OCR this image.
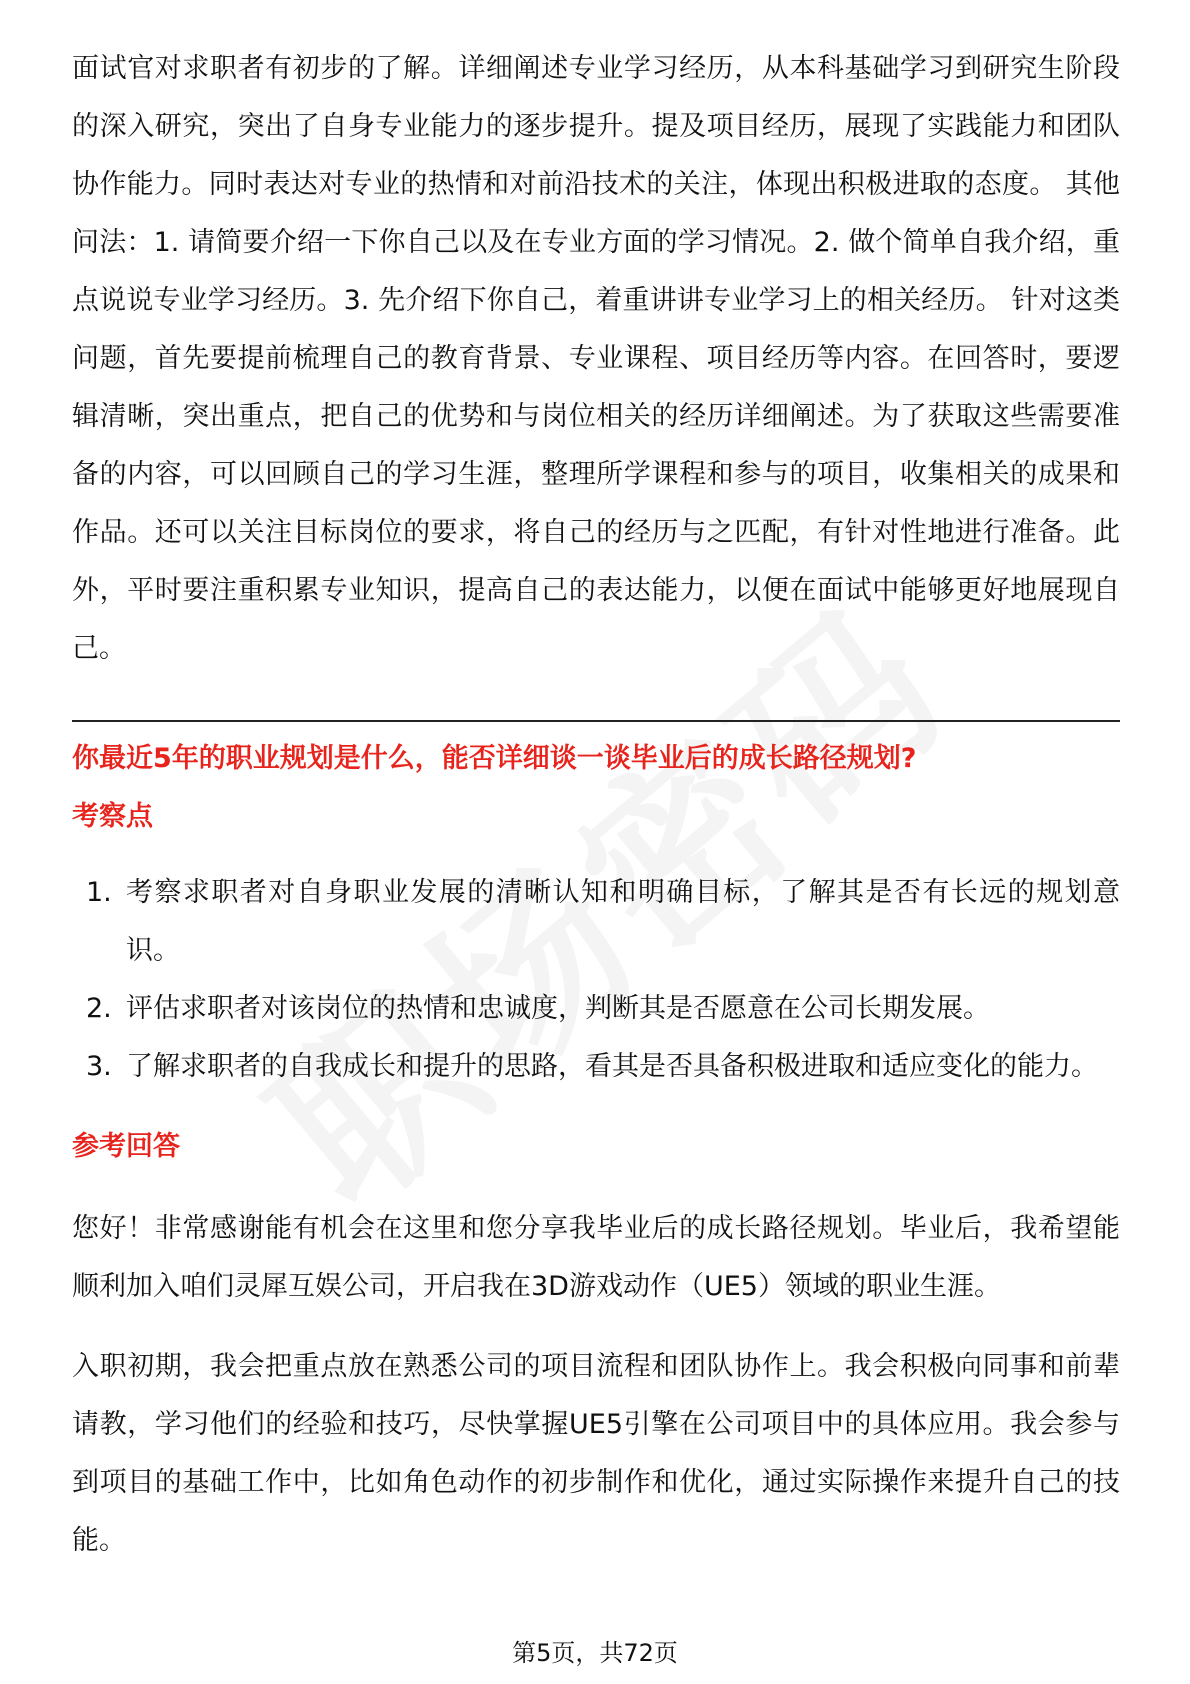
面试官对求职者有初步的了解。详细阐述专业学习经历，从本科基础学习到研究生阶段的深入研究，突出了自身专业能力的逐步提升。提及项目经历，展现了实践能力和团队协作能力。同时表达对专业的热情和对前沿技术的关注，体现出积极进取的态度。 其他问法：1. 请简要介绍一下你自己以及在专业方面的学习情况。2. 做个简单自我介绍，重点说说专业学习经历。3. 先介绍下你自己，着重讲讲专业学习上的相关经历。 针对这类问题，首先要提前梳理自己的教育背景、专业课程、项目经历等内容。在回答时，要逻辑清晰，突出重点，把自己的优势和与岗位相关的经历详细阐述。为了获取这些需要准备的内容，可以回顾自己的学习生涯，整理所学课程和参与的项目，收集相关的成果和作品。还可以关注目标岗位的要求，将自己的经历与之匹配，有针对性地进行准备。此外，平时要注重积累专业知识，提高自己的表达能力，以便在面试中能够更好地展现自己。

你最近5年的职业规划是什么，能否详细谈一谈毕业后的成长路径规划?
考察点
1. 考察求职者对自身职业发展的清晰认知和明确目标，了解其是否有长远的规划意识。
2. 评估求职者对该岗位的热情和忠诚度，判断其是否愿意在公司长期发展。
3. 了解求职者的自我成长和提升的思路，看其是否具备积极进取和适应变化的能力。
参考回答

您好！非常感谢能有机会在这里和您分享我毕业后的成长路径规划。毕业后，我希望能顺利加入咱们灵犀互娱公司，开启我在3D游戏动作（UE5）领域的职业生涯。

入职初期，我会把重点放在熟悉公司的项目流程和团队协作上。我会积极向同事和前辈请教，学习他们的经验和技巧，尽快掌握UE5引擎在公司项目中的具体应用。我会参与到项目的基础工作中，比如角色动作的初步制作和优化，通过实际操作来提升自己的技能。

第5页，共72页
